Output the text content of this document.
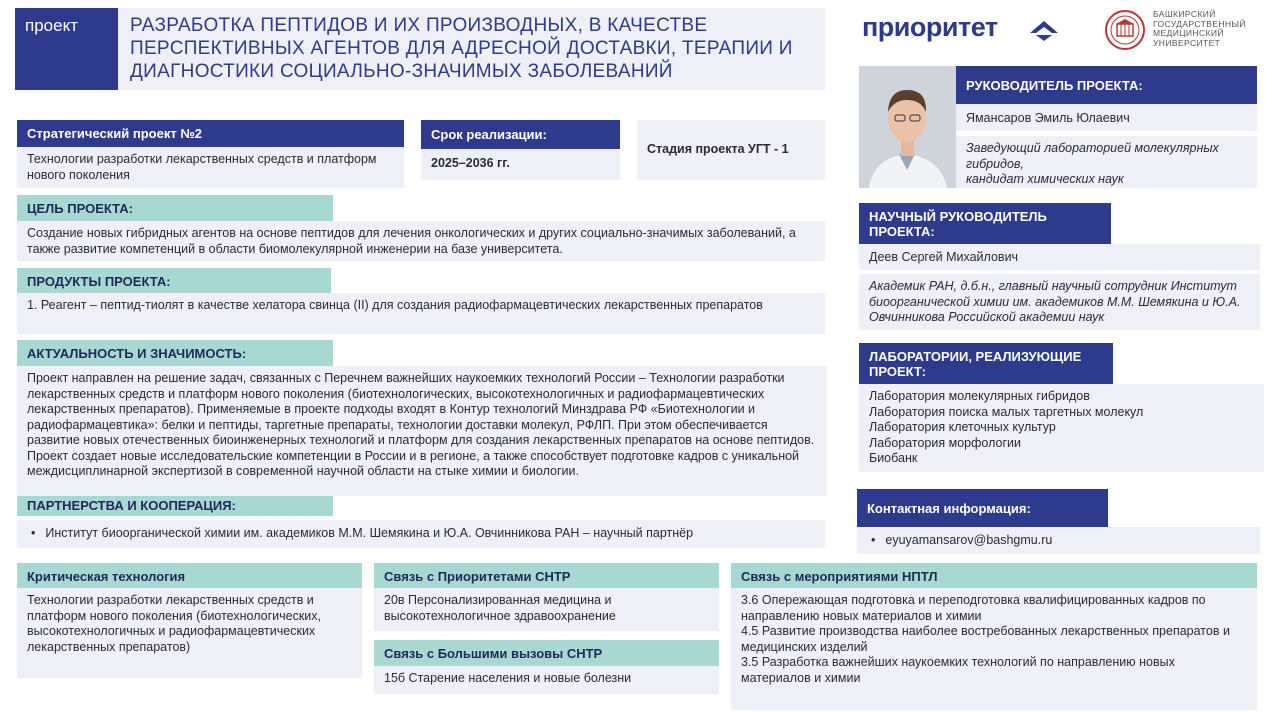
проект	РАЗРАБОТКА ПЕПТИДОВ И ИХ ПРОИЗВОДНЫХ, В КАЧЕСТВЕ
ПЕРСПЕКТИВНЫХ АГЕНТОВ ДЛЯ АДРЕСНОЙ ДОСТАВКИ, ТЕРАПИИ И
ДИАГНОСТИКИ СОЦИАЛЬНО-ЗНАЧИМЫХ ЗАБОЛЕВАНИЙ
приоритет	БАШКИРСКИЙ
ГОСУДАРСТВЕННЫЙ
МЕДИЦИНСКИЙ
УНИВЕРСИТЕТ
Стратегический проект №2
Технологии разработки лекарственных средств и платформ нового поколения
Срок реализации:
2025–2036 гг.
Стадия проекта УГТ - 1
ЦЕЛЬ ПРОЕКТА:
Создание новых гибридных агентов на основе пептидов для лечения онкологических и других социально-значимых заболеваний, а также развитие компетенций в области биомолекулярной инженерии на базе университета.
ПРОДУКТЫ ПРОЕКТА:
1. Реагент – пептид-тиолят в качестве хелатора свинца (II) для создания радиофармацевтических лекарственных препаратов
АКТУАЛЬНОСТЬ И ЗНАЧИМОСТЬ:
Проект направлен на решение задач, связанных с Перечнем важнейших наукоемких технологий России – Технологии разработки лекарственных средств и платформ нового поколения (биотехнологических, высокотехнологичных и радиофармацевтических лекарственных препаратов). Применяемые в проекте подходы входят в Контур технологий Минздрава РФ «Биотехнологии и радиофармацевтика»: белки и пептиды, таргетные препараты, технологии доставки молекул, РФЛП. При этом обеспечивается развитие новых отечественных биоинженерных технологий и платформ для создания лекарственных препаратов на основе пептидов.
Проект создает новые исследовательские компетенции в России и в регионе, а также способствует подготовке кадров с уникальной междисциплинарной экспертизой в современной научной области на стыке химии и биологии.
ПАРТНЕРСТВА И КООПЕРАЦИЯ:
• Институт биоорганической химии им. академиков М.М. Шемякина и Ю.А. Овчинникова РАН – научный партнёр
Критическая технология
Технологии разработки лекарственных средств и платформ нового поколения (биотехнологических, высокотехнологичных и радиофармацевтических лекарственных препаратов)
Связь с Приоритетами СНТР
20в Персонализированная медицина и высокотехнологичное здравоохранение
Связь с Большими вызовы СНТР
15б Старение населения и новые болезни
Связь с мероприятиями НПТЛ
3.6 Опережающая подготовка и переподготовка квалифицированных кадров по направлению новых материалов и химии
4.5 Развитие производства наиболее востребованных лекарственных препаратов и медицинских изделий
3.5 Разработка важнейших наукоемких технологий по направлению новых материалов и химии
РУКОВОДИТЕЛЬ ПРОЕКТА:
Ямансаров Эмиль Юлаевич
Заведующий лабораторией молекулярных гибридов,
кандидат химических наук
НАУЧНЫЙ РУКОВОДИТЕЛЬ ПРОЕКТА:
Деев Сергей Михайлович
Академик РАН, д.б.н., главный научный сотрудник Институт биоорганической химии им. академиков М.М. Шемякина и Ю.А. Овчинникова Российской академии наук
ЛАБОРАТОРИИ, РЕАЛИЗУЮЩИЕ ПРОЕКТ:
Лаборатория молекулярных гибридов
Лаборатория поиска малых таргетных молекул
Лаборатория клеточных культур
Лаборатория морфологии
Биобанк
Контактная информация:
• eyuyamansarov@bashgmu.ru
